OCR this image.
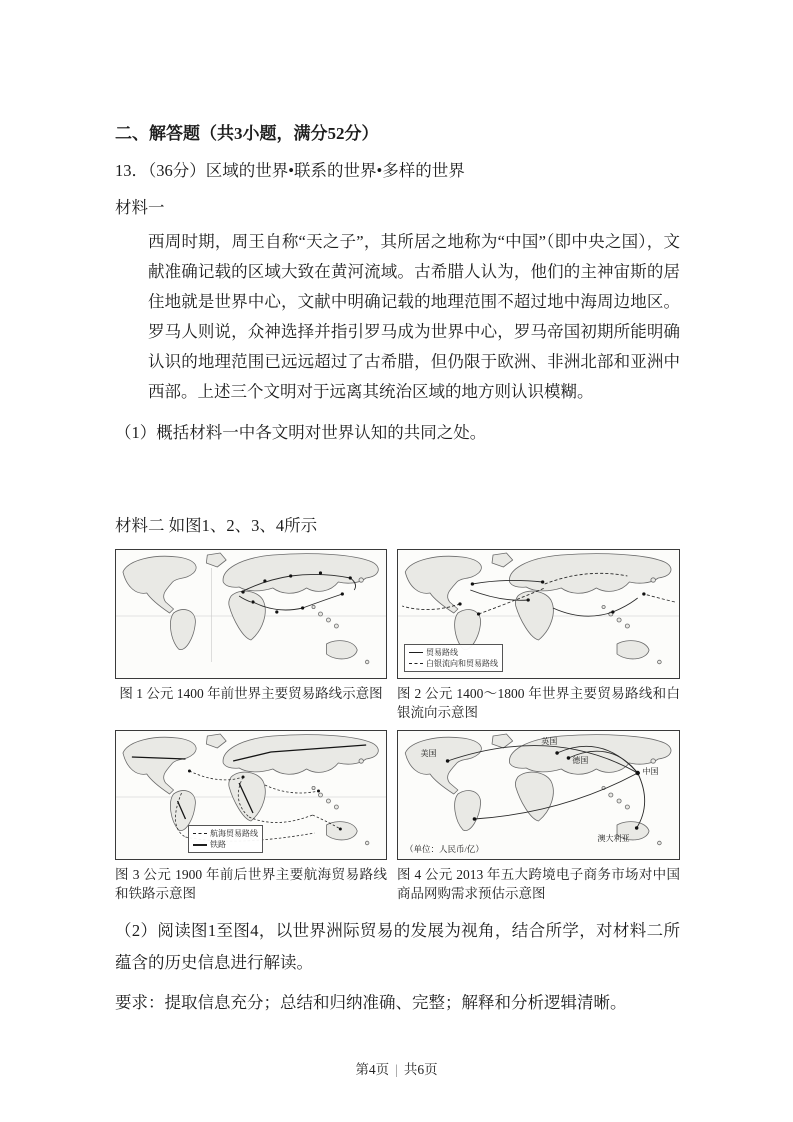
二、解答题（共3小题，满分52分）
13．（36分）区域的世界•联系的世界•多样的世界
材料一
西周时期，周王自称“天之子”，其所居之地称为“中国”（即中央之国），文献准确记载的区域大致在黄河流域。古希腊人认为，他们的主神宙斯的居住地就是世界中心，文献中明确记载的地理范围不超过地中海周边地区。罗马人则说，众神选择并指引罗马成为世界中心，罗马帝国初期所能明确认识的地理范围已远远超过了古希腊，但仍限于欧洲、非洲北部和亚洲中西部。上述三个文明对于远离其统治区域的地方则认识模糊。
（1）概括材料一中各文明对世界认知的共同之处。
材料二 如图1、2、3、4所示
图 1 公元 1400 年前世界主要贸易路线示意图
贸易路线
白银流向和贸易路线
图 2 公元 1400～1800 年世界主要贸易路线和白银流向示意图
航海贸易路线
铁路
图 3 公元 1900 年前后世界主要航海贸易路线和铁路示意图
美国
英国
德国
中国
澳大利亚
（单位：人民币/亿）
图 4 公元 2013 年五大跨境电子商务市场对中国商品网购需求预估示意图
（2）阅读图1至图4，以世界洲际贸易的发展为视角，结合所学，对材料二所蕴含的历史信息进行解读。
要求：提取信息充分；总结和归纳准确、完整；解释和分析逻辑清晰。
第4页 | 共6页
